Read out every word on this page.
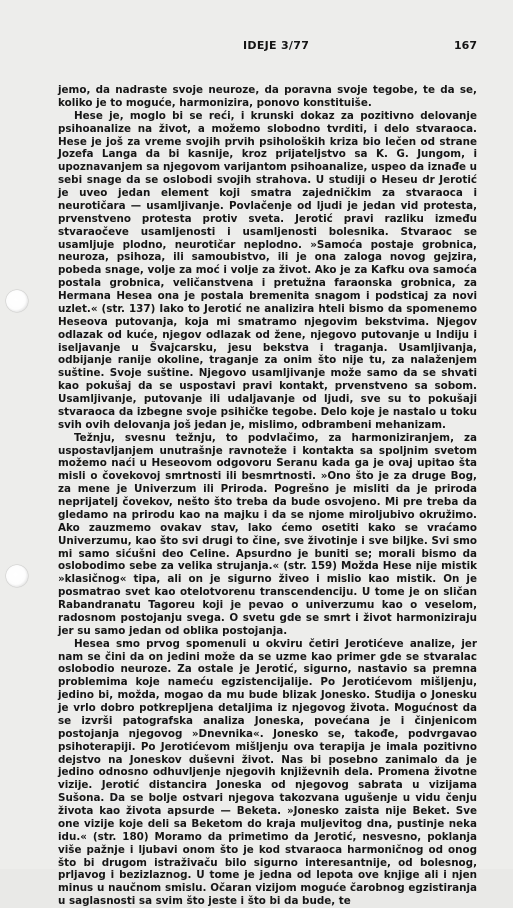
IDEJE 3/77	167

jemo, da nadraste svoje neuroze, da poravna svoje tegobe, te da se, koliko je to moguće, harmonizira, ponovo konstituiše.

Hese je, moglo bi se reći, i krunski dokaz za pozitivno delovanje psihoanalize na život, a možemo slobodno tvrditi, i delo stvaraoca. Hese je još za vreme svojih prvih psiholoških kriza bio lečen od strane Jozefa Langa da bi kasnije, kroz prijateljstvo sa K. G. Jungom, i upoznavanjem sa njegovom varijantom psihoanalize, uspeo da iznađe u sebi snage da se oslobodi svojih strahova. U studiji o Heseu dr Jerotić je uveo jedan element koji smatra zajedničkim za stvaraoca i neurotičara — usamljivanje. Povlačenje od ljudi je jedan vid protesta, prvenstveno protesta protiv sveta. Jerotić pravi razliku između stvaraočeve usamljenosti i usamljenosti bolesnika. Stvaraoc se usamljuje plodno, neurotičar neplodno. »Samoća postaje grobnica, neuroza, psihoza, ili samoubistvo, ili je ona zaloga novog gejzira, pobeda snage, volje za moć i volje za život. Ako je za Kafku ova samoća postala grobnica, veličanstvena i pretužna faraonska grobnica, za Hermana Hesea ona je postala bremenita snagom i podsticaj za novi uzlet.« (str. 137) Iako to Jerotić ne analizira hteli bismo da spomenemo Heseova putovanja, koja mi smatramo njegovim bekstvima. Njegov odlazak od kuće, njegov odlazak od žene, njegovo putovanje u Indiju i iseljavanje u Švajcarsku, jesu bekstva i traganja. Usamljivanja, odbijanje ranije okoline, traganje za onim što nije tu, za nalaženjem suštine. Svoje suštine. Njegovo usamljivanje može samo da se shvati kao pokušaj da se uspostavi pravi kontakt, prvenstveno sa sobom. Usamljivanje, putovanje ili udaljavanje od ljudi, sve su to pokušaji stvaraoca da izbegne svoje psihičke tegobe. Delo koje je nastalo u toku svih ovih delovanja još jedan je, mislimo, odbrambeni mehanizam.

Težnju, svesnu težnju, to podvlačimo, za harmoniziranjem, za uspostavljanjem unutrašnje ravnoteže i kontakta sa spoljnim svetom možemo naći u Heseovom odgovoru Seranu kada ga je ovaj upitao šta misli o čovekovoj smrtnosti ili besmrtnosti. »Ono što je za druge Bog, za mene je Univerzum ili Priroda. Pogrešno je misliti da je priroda neprijatelj čovekov, nešto što treba da bude osvojeno. Mi pre treba da gledamo na prirodu kao na majku i da se njome miroljubivo okružimo. Ako zauzmemo ovakav stav, lako ćemo osetiti kako se vraćamo Univerzumu, kao što svi drugi to čine, sve životinje i sve biljke. Svi smo mi samo sićušni deo Celine. Apsurdno je buniti se; morali bismo da oslobodimo sebe za velika strujanja.« (str. 159) Možda Hese nije mistik »klasičnog« tipa, ali on je sigurno živeo i mislio kao mistik. On je posmatrao svet kao otelotvorenu transcendenciju. U tome je on sličan Rabandranatu Tagoreu koji je pevao o univerzumu kao o veselom, radosnom postojanju svega. O svetu gde se smrt i život harmoniziraju jer su samo jedan od oblika postojanja.

Hesea smo prvog spomenuli u okviru četiri Jerotićeve analize, jer nam se čini da on jedini može da se uzme kao primer gde se stvaralac oslobodio neuroze. Za ostale je Jerotić, sigurno, nastavio sa premna problemima koje nameću egzistencijalije. Po Jerotićevom mišljenju, jedino bi, možda, mogao da mu bude blizak Jonesko. Studija o Jonesku je vrlo dobro potkrepljena detaljima iz njegovog života. Mogućnost da se izvrši patografska analiza Joneska, povećana je i činjenicom postojanja njegovog »Dnevnika«. Jonesko se, takođe, podvrgavao psihoterapiji. Po Jerotićevom mišljenju ova terapija je imala pozitivno dejstvo na Joneskov duševni život. Nas bi posebno zanimalo da je jedino odnosno odhuvljenje njegovih književnih dela. Promena životne vizije. Jerotić distancira Joneska od njegovog sabrata u vizijama Sušona. Da se bolje ostvari njegova takozvana ugušenje u vidu čenju života kao života apsurde — Beketa. »Jonesko zaista nije Beket. Sve one vizije koje deli sa Beketom do kraja muljevitog dna, pustinje neka idu.« (str. 180) Moramo da primetimo da Jerotić, nesvesno, poklanja više pažnje i ljubavi onom što je kod stvaraoca harmoničnog od onog što bi drugom istraživaču bilo sigurno interesantnije, od bolesnog, prljavog i bezizlaznog. U tome je jedna od lepota ove knjige ali i njen minus u naučnom smislu. Očaran vizijom moguće čarobnog egzistiranja u saglasnosti sa svim što jeste i što bi da bude, te
